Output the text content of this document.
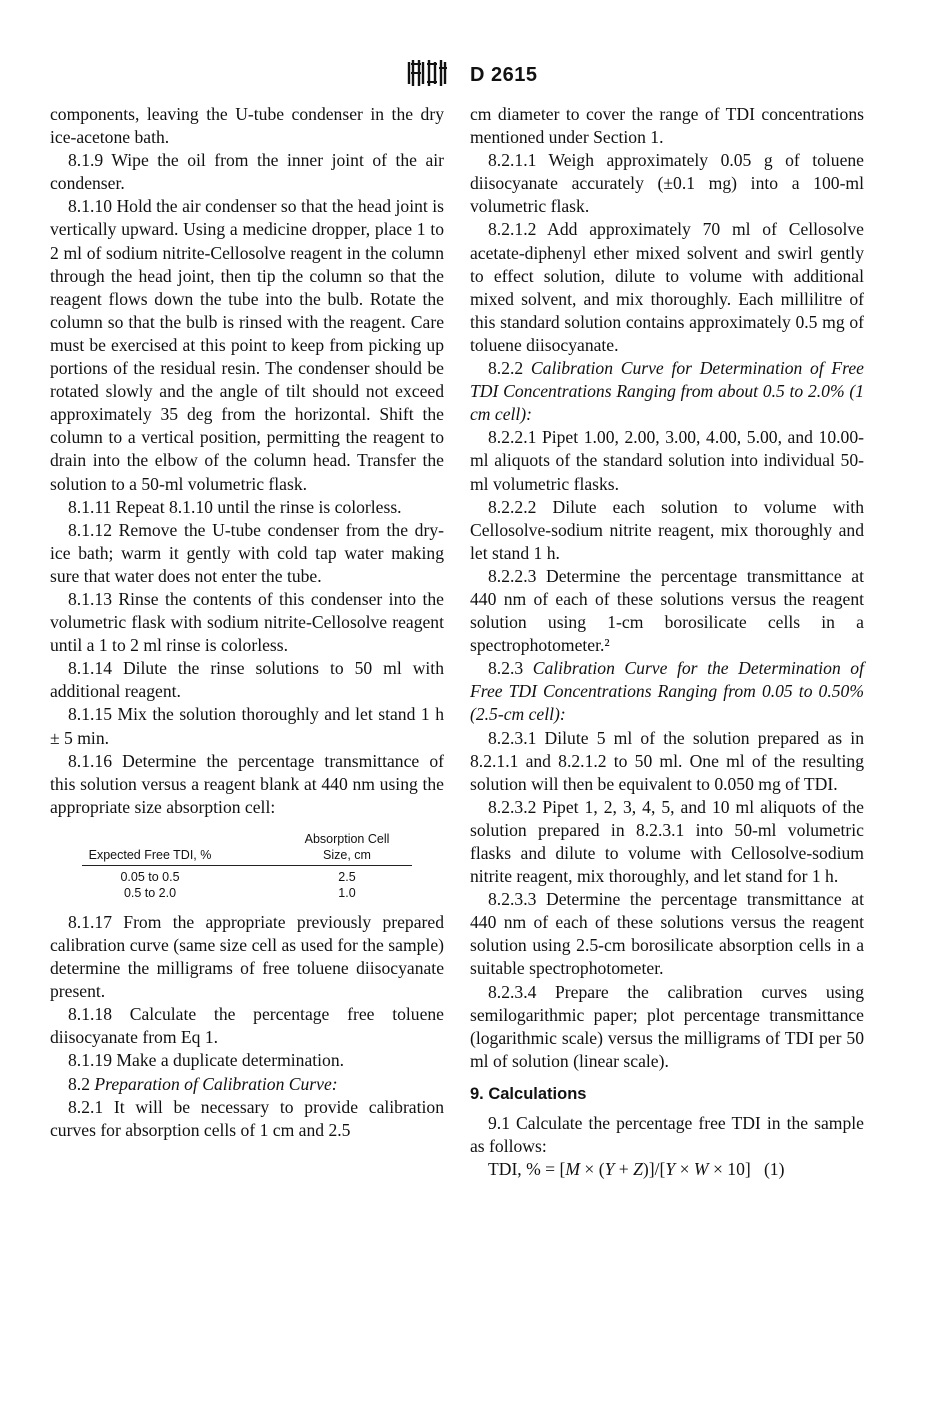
D 2615

components, leaving the U-tube condenser in the dry ice-acetone bath.

8.1.9 Wipe the oil from the inner joint of the air condenser.

8.1.10 Hold the air condenser so that the head joint is vertically upward. Using a medicine dropper, place 1 to 2 ml of sodium nitrite-Cellosolve reagent in the column through the head joint, then tip the column so that the reagent flows down the tube into the bulb. Rotate the column so that the bulb is rinsed with the reagent. Care must be exercised at this point to keep from picking up portions of the residual resin. The condenser should be rotated slowly and the angle of tilt should not exceed approximately 35 deg from the horizontal. Shift the column to a vertical position, permitting the reagent to drain into the elbow of the column head. Transfer the solution to a 50-ml volumetric flask.

8.1.11 Repeat 8.1.10 until the rinse is colorless.

8.1.12 Remove the U-tube condenser from the dry-ice bath; warm it gently with cold tap water making sure that water does not enter the tube.

8.1.13 Rinse the contents of this condenser into the volumetric flask with sodium nitrite-Cellosolve reagent until a 1 to 2 ml rinse is colorless.

8.1.14 Dilute the rinse solutions to 50 ml with additional reagent.

8.1.15 Mix the solution thoroughly and let stand 1 h ± 5 min.

8.1.16 Determine the percentage transmittance of this solution versus a reagent blank at 440 nm using the appropriate size absorption cell:

Expected Free TDI, %	Absorption Cell
Size, cm

0.05 to 0.5	2.5
0.5 to 2.0	1.0

8.1.17 From the appropriate previously prepared calibration curve (same size cell as used for the sample) determine the milligrams of free toluene diisocyanate present.

8.1.18 Calculate the percentage free toluene diisocyanate from Eq 1.

8.1.19 Make a duplicate determination.

8.2 Preparation of Calibration Curve:

8.2.1 It will be necessary to provide calibration curves for absorption cells of 1 cm and 2.5

cm diameter to cover the range of TDI concentrations mentioned under Section 1.

8.2.1.1 Weigh approximately 0.05 g of toluene diisocyanate accurately (±0.1 mg) into a 100-ml volumetric flask.

8.2.1.2 Add approximately 70 ml of Cellosolve acetate-diphenyl ether mixed solvent and swirl gently to effect solution, dilute to volume with additional mixed solvent, and mix thoroughly. Each millilitre of this standard solution contains approximately 0.5 mg of toluene diisocyanate.

8.2.2 Calibration Curve for Determination of Free TDI Concentrations Ranging from about 0.5 to 2.0% (1 cm cell):

8.2.2.1 Pipet 1.00, 2.00, 3.00, 4.00, 5.00, and 10.00-ml aliquots of the standard solution into individual 50-ml volumetric flasks.

8.2.2.2 Dilute each solution to volume with Cellosolve-sodium nitrite reagent, mix thoroughly and let stand 1 h.

8.2.2.3 Determine the percentage transmittance at 440 nm of each of these solutions versus the reagent solution using 1-cm borosilicate cells in a spectrophotometer.²

8.2.3 Calibration Curve for the Determination of Free TDI Concentrations Ranging from 0.05 to 0.50% (2.5-cm cell):

8.2.3.1 Dilute 5 ml of the solution prepared as in 8.2.1.1 and 8.2.1.2 to 50 ml. One ml of the resulting solution will then be equivalent to 0.050 mg of TDI.

8.2.3.2 Pipet 1, 2, 3, 4, 5, and 10 ml aliquots of the solution prepared in 8.2.3.1 into 50-ml volumetric flasks and dilute to volume with Cellosolve-sodium nitrite reagent, mix thoroughly, and let stand for 1 h.

8.2.3.3 Determine the percentage transmittance at 440 nm of each of these solutions versus the reagent solution using 2.5-cm borosilicate absorption cells in a suitable spectrophotometer.

8.2.3.4 Prepare the calibration curves using semilogarithmic paper; plot percentage transmittance (logarithmic scale) versus the milligrams of TDI per 50 ml of solution (linear scale).

9. Calculations

9.1 Calculate the percentage free TDI in the sample as follows:

TDI, % = [M × (Y + Z)]/[Y × W × 10] (1)
